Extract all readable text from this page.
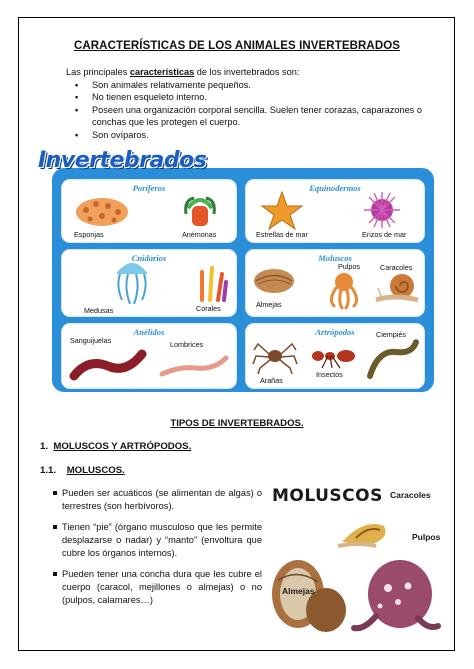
CARACTERÍSTICAS DE LOS ANIMALES INVERTEBRADOS
Las principales características de los invertebrados son:
• Son animales relativamente pequeños.
• No tienen esqueleto interno.
• Poseen una organización corporal sencilla. Suelen tener corazas, caparazones o conchas que les protegen el cuerpo.
• Son ovíparos.
Invertebrados
Poríferos
Esponjas	Anémonas
Equinodermos
Estrellas de mar	Erizos de mar
Cnidarios
Medusas	Corales
Moluscos
Pulpos	Caracoles
Almejas
Anélidos
Sanguijuelas	Lombrices
Artrópodos	Ciempiés
Arañas
Insectos
TIPOS DE INVERTEBRADOS.
1. MOLUSCOS Y ARTRÓPODOS.
1.1. MOLUSCOS.
Pueden ser acuáticos (se alimentan de algas) o terrestres (son herbívoros).
Tienen “pie” (órgano musculoso que les permite desplazarse o nadar) y “manto” (envoltura que cubre los órganos internos).
Pueden tener una concha dura que les cubre el cuerpo (caracol, mejillones o almejas) o no (pulpos, calamares…)
MOLUSCOS Caracoles
Pulpos
Almejas
